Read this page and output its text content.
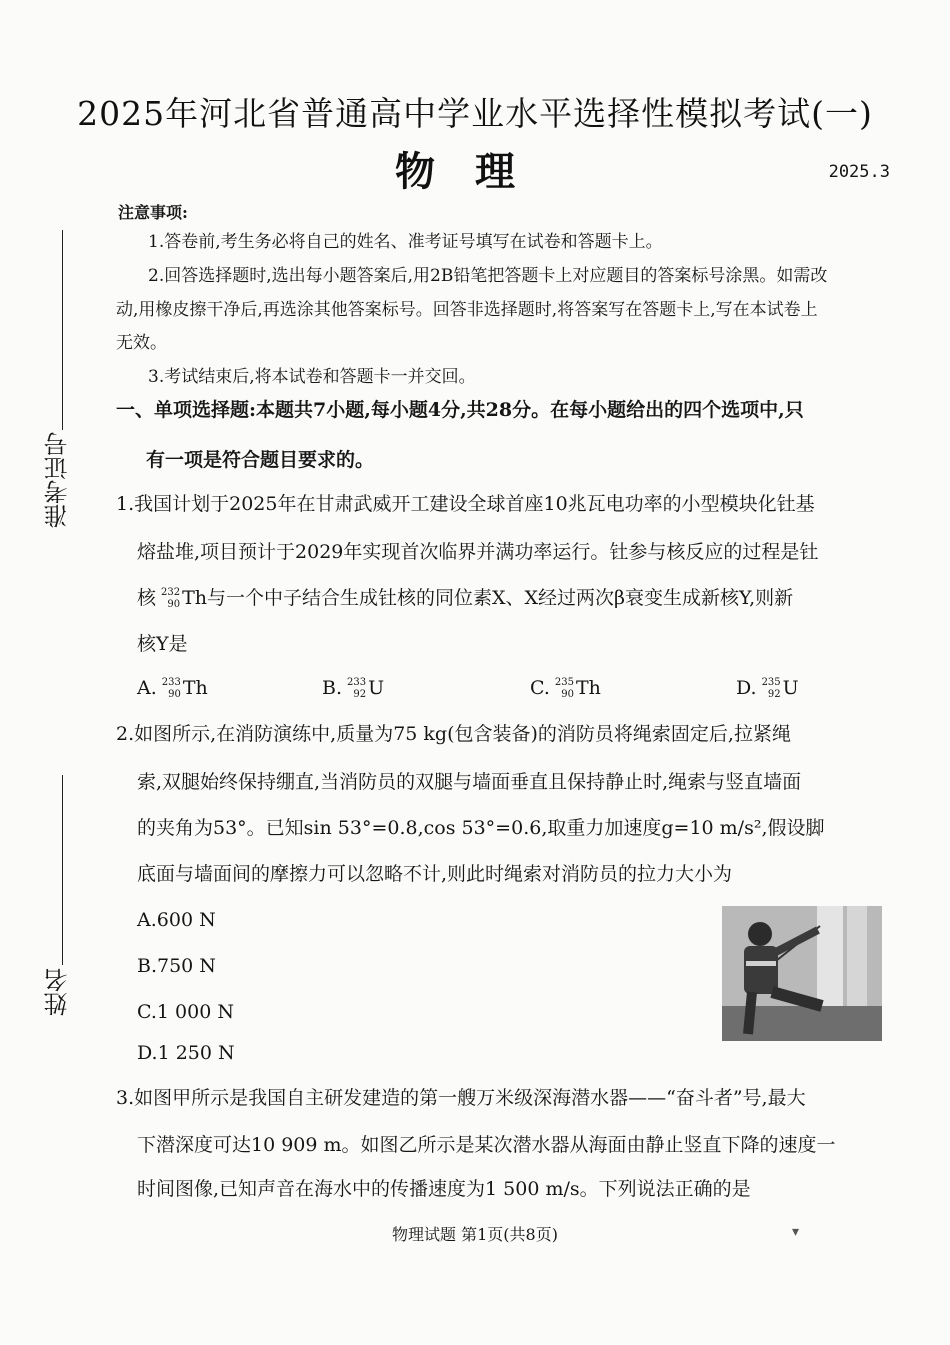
2025年河北省普通高中学业水平选择性模拟考试(一)
物理	2025.3
准考证号
姓名
注意事项:
1.答卷前,考生务必将自己的姓名、准考证号填写在试卷和答题卡上。
2.回答选择题时,选出每小题答案后,用2B铅笔把答题卡上对应题目的答案标号涂黑。如需改
动,用橡皮擦干净后,再选涂其他答案标号。回答非选择题时,将答案写在答题卡上,写在本试卷上
无效。
3.考试结束后,将本试卷和答题卡一并交回。
一、单项选择题:本题共7小题,每小题4分,共28分。在每小题给出的四个选项中,只
有一项是符合题目要求的。
1.我国计划于2025年在甘肃武威开工建设全球首座10兆瓦电功率的小型模块化钍基
熔盐堆,项目预计于2029年实现首次临界并满功率运行。钍参与核反应的过程是钍
核 232
90 Th与一个中子结合生成钍核的同位素X、X经过两次β衰变生成新核Y,则新
核Y是
A. 233
90 Th	B. 233
92 U	C. 235
90 Th	D. 235
92 U
2.如图所示,在消防演练中,质量为75 kg(包含装备)的消防员将绳索固定后,拉紧绳
索,双腿始终保持绷直,当消防员的双腿与墙面垂直且保持静止时,绳索与竖直墙面
的夹角为53°。已知sin 53°=0.8,cos 53°=0.6,取重力加速度g=10 m/s²,假设脚
底面与墙面间的摩擦力可以忽略不计,则此时绳索对消防员的拉力大小为
A.600 N
B.750 N
C.1 000 N
D.1 250 N
3.如图甲所示是我国自主研发建造的第一艘万米级深海潜水器——“奋斗者”号,最大
下潜深度可达10 909 m。如图乙所示是某次潜水器从海面由静止竖直下降的速度一
时间图像,已知声音在海水中的传播速度为1 500 m/s。下列说法正确的是
物理试题 第1页(共8页)	▾
